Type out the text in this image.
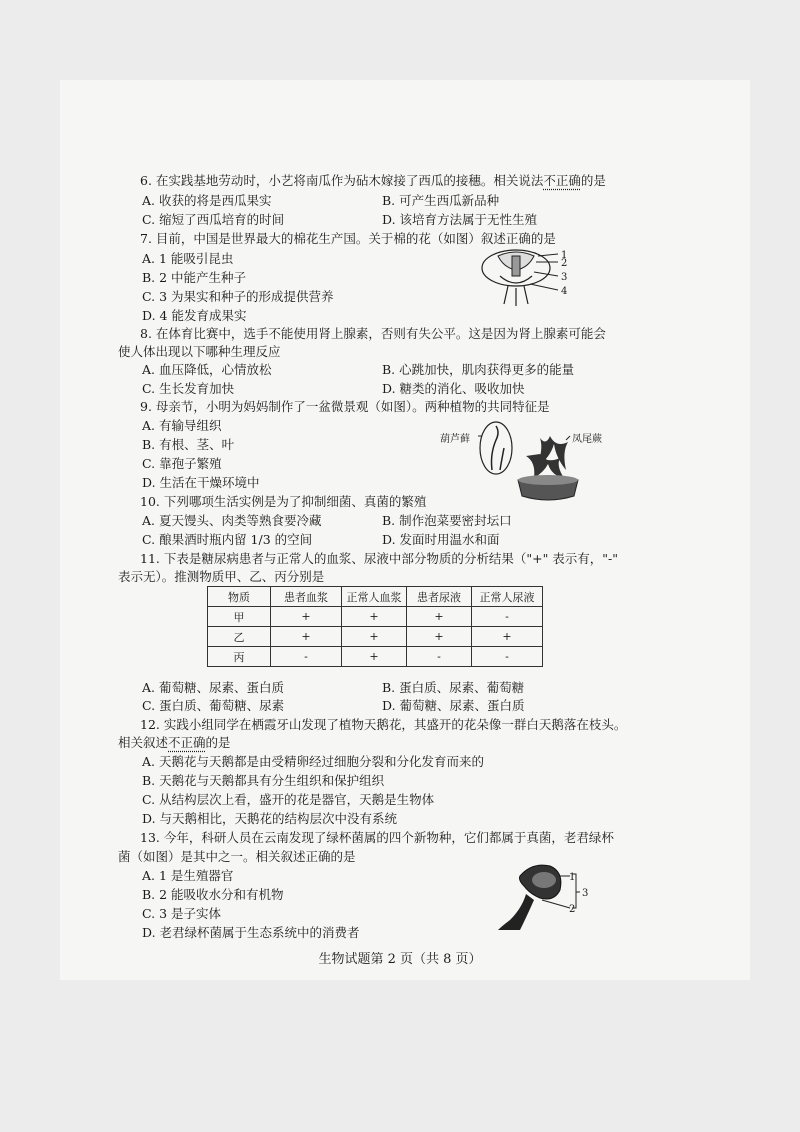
6. 在实践基地劳动时，小艺将南瓜作为砧木嫁接了西瓜的接穗。相关说法不正确的是
A. 收获的将是西瓜果实	B. 可产生西瓜新品种
C. 缩短了西瓜培育的时间	D. 该培育方法属于无性生殖
7. 目前，中国是世界最大的棉花生产国。关于棉的花（如图）叙述正确的是
A. 1 能吸引昆虫
B. 2 中能产生种子
C. 3 为果实和种子的形成提供营养
D. 4 能发育成果实
1
2
3
4
8. 在体育比赛中，选手不能使用肾上腺素，否则有失公平。这是因为肾上腺素可能会
使人体出现以下哪种生理反应
A. 血压降低，心情放松	B. 心跳加快，肌肉获得更多的能量
C. 生长发育加快	D. 糖类的消化、吸收加快
9. 母亲节，小明为妈妈制作了一盆微景观（如图）。两种植物的共同特征是
A. 有输导组织
B. 有根、茎、叶
C. 靠孢子繁殖
D. 生活在干燥环境中
葫芦藓	凤尾蕨
10. 下列哪项生活实例是为了抑制细菌、真菌的繁殖
A. 夏天馒头、肉类等熟食要冷藏	B. 制作泡菜要密封坛口
C. 酿果酒时瓶内留 1/3 的空间	D. 发面时用温水和面
11. 下表是糖尿病患者与正常人的血浆、尿液中部分物质的分析结果（"+" 表示有，"-"
表示无）。推测物质甲、乙、丙分别是
物质	患者血浆	正常人血浆	患者尿液	正常人尿液
甲	+	+	+	-
乙	+	+	+	+
丙	-	+	-	-
A. 葡萄糖、尿素、蛋白质	B. 蛋白质、尿素、葡萄糖
C. 蛋白质、葡萄糖、尿素	D. 葡萄糖、尿素、蛋白质
12. 实践小组同学在栖霞牙山发现了植物天鹅花，其盛开的花朵像一群白天鹅落在枝头。
相关叙述不正确的是
A. 天鹅花与天鹅都是由受精卵经过细胞分裂和分化发育而来的
B. 天鹅花与天鹅都具有分生组织和保护组织
C. 从结构层次上看，盛开的花是器官，天鹅是生物体
D. 与天鹅相比，天鹅花的结构层次中没有系统
13. 今年，科研人员在云南发现了绿杯菌属的四个新物种，它们都属于真菌，老君绿杯
菌（如图）是其中之一。相关叙述正确的是
A. 1 是生殖器官
B. 2 能吸收水分和有机物
C. 3 是子实体
D. 老君绿杯菌属于生态系统中的消费者
1
2
3
生物试题第 2 页（共 8 页）
